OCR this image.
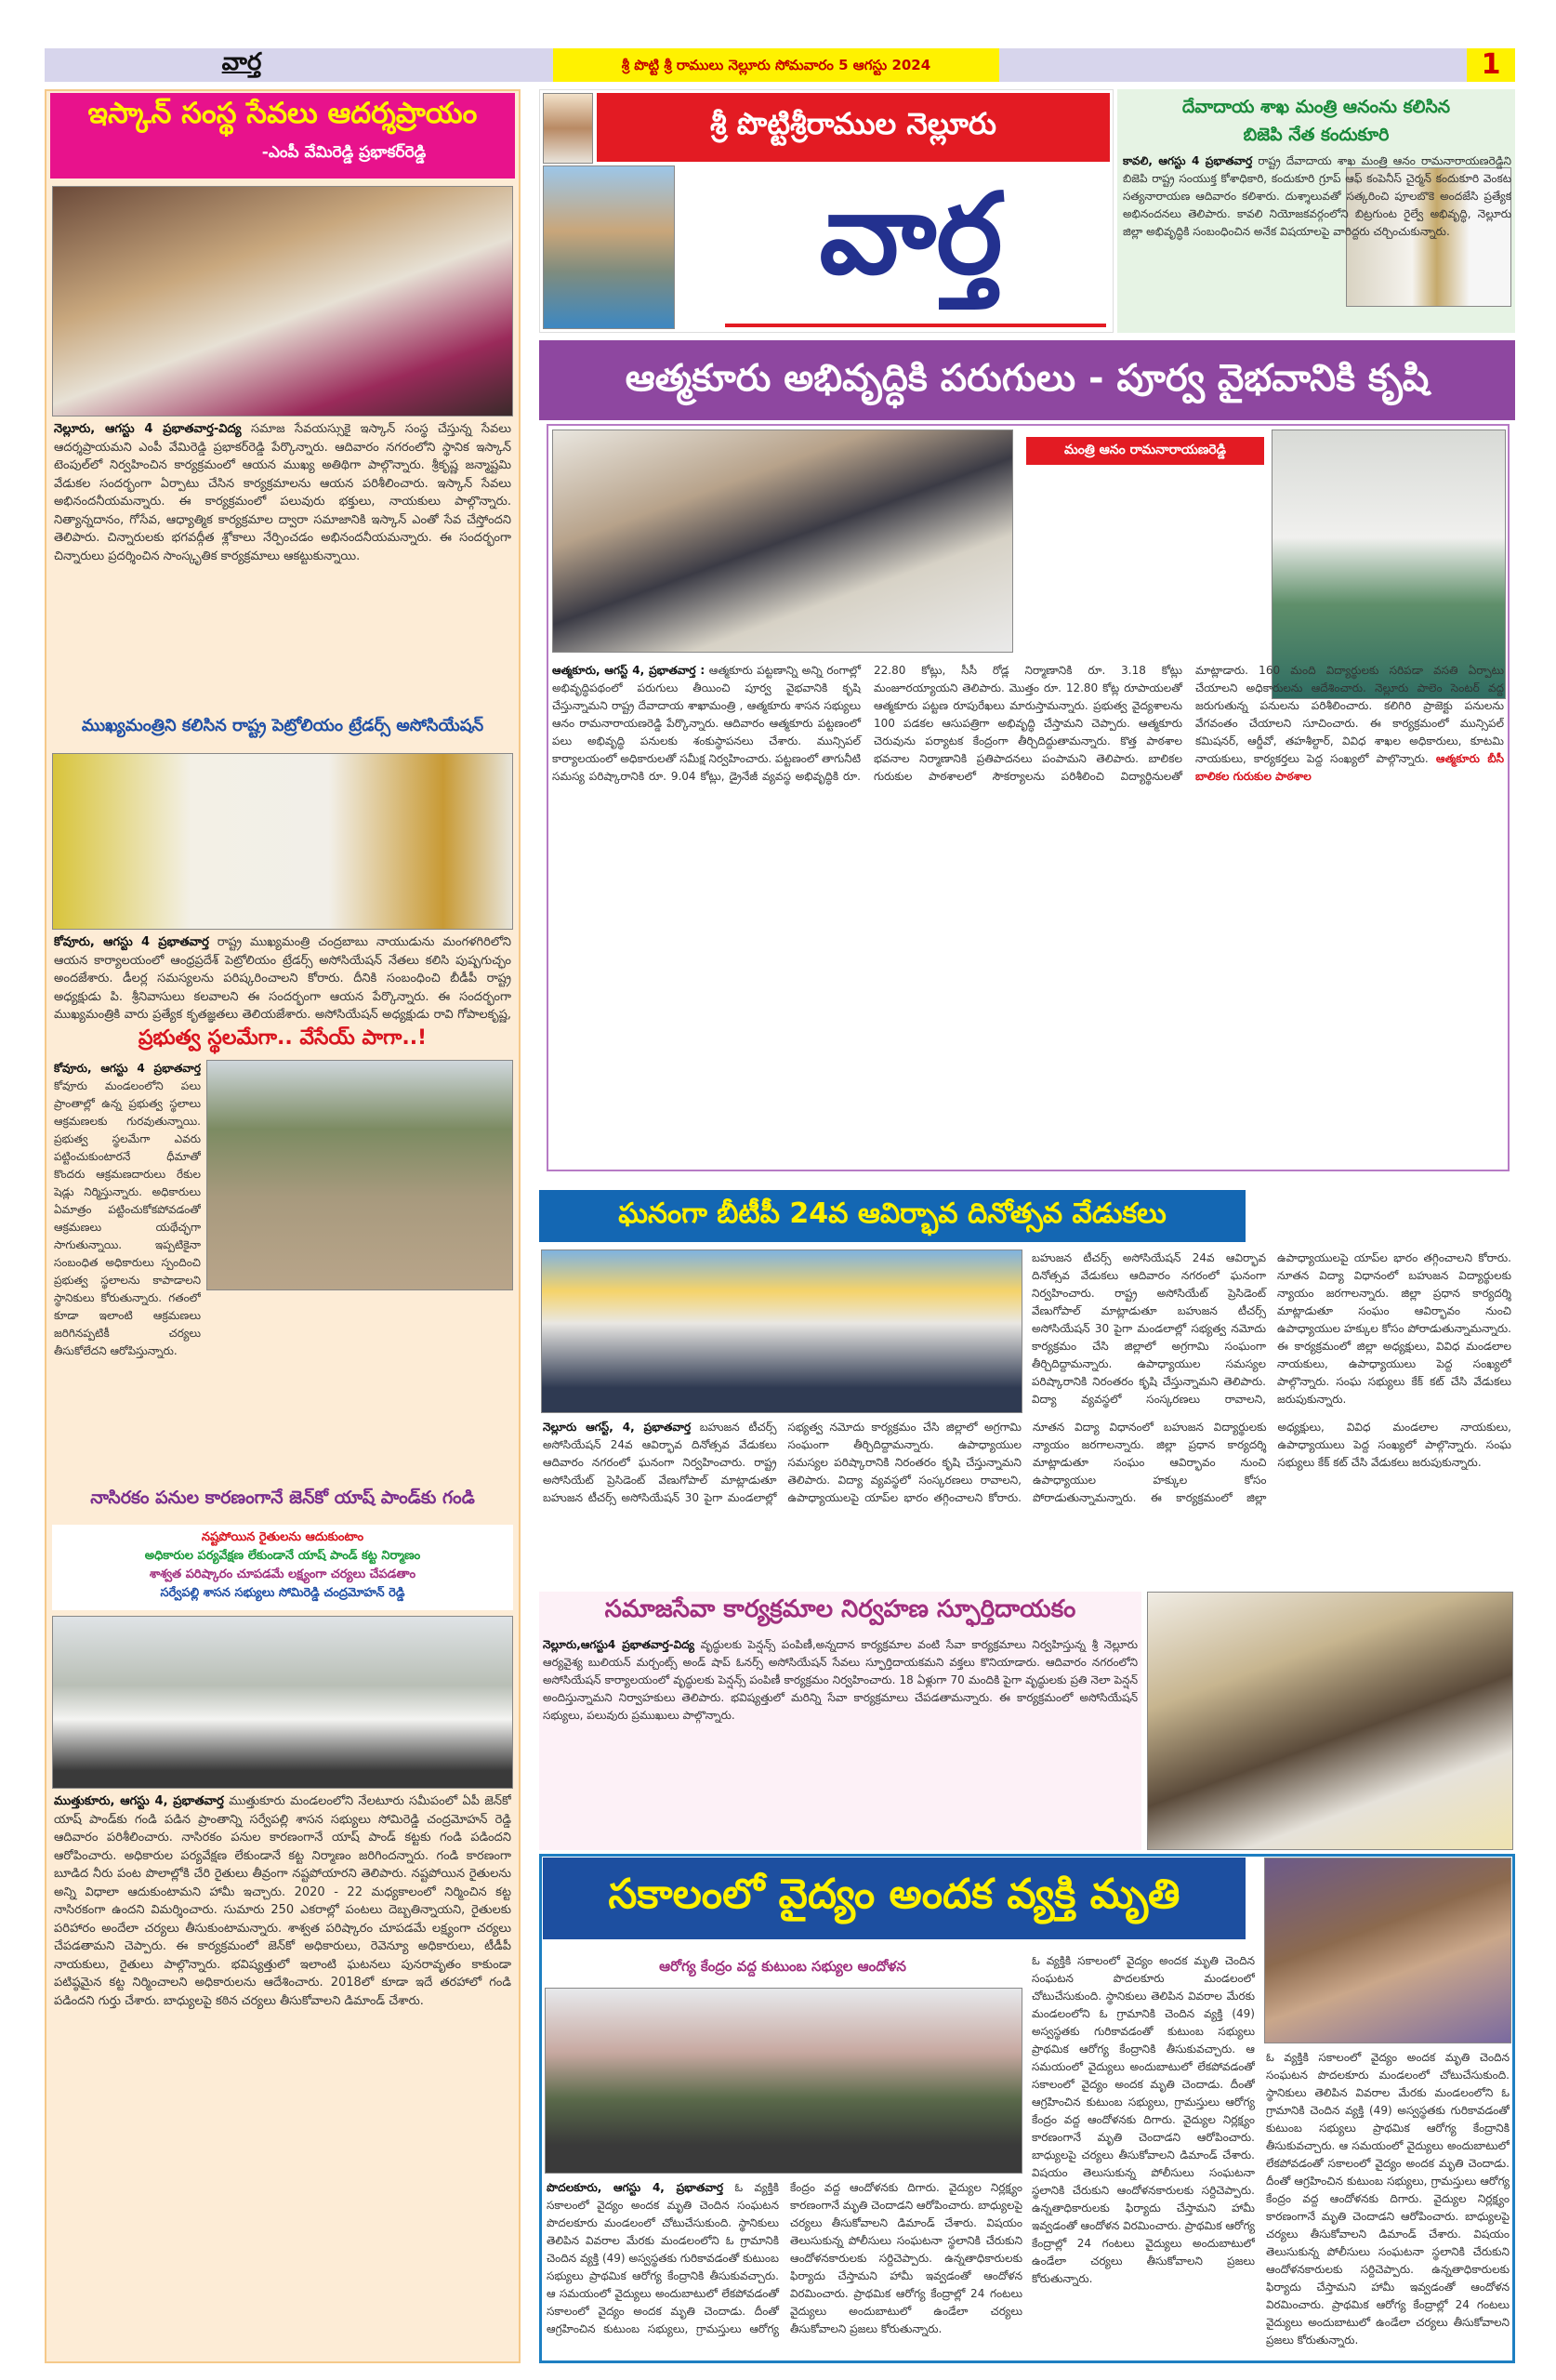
వార్త	శ్రీ పొట్టి శ్రీ రాములు నెల్లూరు సోమవారం 5 ఆగస్టు 2024	1
ఇస్కాన్ సంస్థ సేవలు ఆదర్శప్రాయం
-ఎంపీ వేమిరెడ్డి ప్రభాకర్‌రెడ్డి
నెల్లూరు, ఆగస్టు 4 ప్రభాతవార్త-విద్య సమాజ సేవయస్సుకై ఇస్కాన్ సంస్థ చేస్తున్న సేవలు ఆదర్శప్రాయమని ఎంపీ వేమిరెడ్డి ప్రభాకర్‌రెడ్డి పేర్కొన్నారు. ఆదివారం నగరంలోని స్థానిక ఇస్కాన్ టెంపుల్‌లో నిర్వహించిన కార్యక్రమంలో ఆయన ముఖ్య అతిథిగా పాల్గొన్నారు. శ్రీకృష్ణ జన్మాష్టమి వేడుకల సందర్భంగా ఏర్పాటు చేసిన కార్యక్రమాలను ఆయన పరిశీలించారు. ఇస్కాన్ సేవలు అభినందనీయమన్నారు. ఈ కార్యక్రమంలో పలువురు భక్తులు, నాయకులు పాల్గొన్నారు. నిత్యాన్నదానం, గోసేవ, ఆధ్యాత్మిక కార్యక్రమాల ద్వారా సమాజానికి ఇస్కాన్ ఎంతో సేవ చేస్తోందని తెలిపారు. చిన్నారులకు భగవద్గీత శ్లోకాలు నేర్పించడం అభినందనీయమన్నారు. ఈ సందర్భంగా చిన్నారులు ప్రదర్శించిన సాంస్కృతిక కార్యక్రమాలు ఆకట్టుకున్నాయి.
ముఖ్యమంత్రిని కలిసిన రాష్ట్ర పెట్రోలియం ట్రేడర్స్ అసోసియేషన్
కోవూరు, ఆగస్టు 4 ప్రభాతవార్త రాష్ట్ర ముఖ్యమంత్రి చంద్రబాబు నాయుడును మంగళగిరిలోని ఆయన కార్యాలయంలో ఆంధ్రప్రదేశ్ పెట్రోలియం ట్రేడర్స్ అసోసియేషన్ నేతలు కలిసి పుష్పగుచ్ఛం అందజేశారు. డీలర్ల సమస్యలను పరిష్కరించాలని కోరారు. దీనికి సంబంధించి బీడీపీ రాష్ట్ర అధ్యక్షుడు పి. శ్రీనివాసులు కలవాలని ఈ సందర్భంగా ఆయన పేర్కొన్నారు. ఈ సందర్భంగా ముఖ్యమంత్రికి వారు ప్రత్యేక కృతజ్ఞతలు తెలియజేశారు. అసోసియేషన్ అధ్యక్షుడు రావి గోపాలకృష్ణ,
ప్రభుత్వ స్థలమేగా.. వేసేయ్ పాగా..!
కోవూరు, ఆగస్టు 4 ప్రభాతవార్త కోవూరు మండలంలోని పలు ప్రాంతాల్లో ఉన్న ప్రభుత్వ స్థలాలు ఆక్రమణలకు గురవుతున్నాయి. ప్రభుత్వ స్థలమేగా ఎవరు పట్టించుకుంటారనే ధీమాతో కొందరు ఆక్రమణదారులు రేకుల షెడ్లు నిర్మిస్తున్నారు. అధికారులు ఏమాత్రం పట్టించుకోకపోవడంతో ఆక్రమణలు యథేచ్ఛగా సాగుతున్నాయి. ఇప్పటికైనా సంబంధిత అధికారులు స్పందించి ప్రభుత్వ స్థలాలను కాపాడాలని స్థానికులు కోరుతున్నారు. గతంలో కూడా ఇలాంటి ఆక్రమణలు జరిగినప్పటికీ చర్యలు తీసుకోలేదని ఆరోపిస్తున్నారు.
నాసిరకం పనుల కారణంగానే జెన్‌కో యాష్ పాండ్‌కు గండి
నష్టపోయిన రైతులను ఆదుకుంటాం
అధికారుల పర్యవేక్షణ లేకుండానే యాష్ పాండ్ కట్ట నిర్మాణం
శాశ్వత పరిష్కారం చూపడమే లక్ష్యంగా చర్యలు చేపడతాం
సర్వేపల్లి శాసన సభ్యులు సోమిరెడ్డి చంద్రమోహన్ రెడ్డి
ముత్తుకూరు, ఆగస్టు 4, ప్రభాతవార్త ముత్తుకూరు మండలంలోని నేలటూరు సమీపంలో ఏపీ జెన్‌కో యాష్ పాండ్‌కు గండి పడిన ప్రాంతాన్ని సర్వేపల్లి శాసన సభ్యులు సోమిరెడ్డి చంద్రమోహన్ రెడ్డి ఆదివారం పరిశీలించారు. నాసిరకం పనుల కారణంగానే యాష్ పాండ్ కట్టకు గండి పడిందని ఆరోపించారు. అధికారుల పర్యవేక్షణ లేకుండానే కట్ట నిర్మాణం జరిగిందన్నారు. గండి కారణంగా బూడిద నీరు పంట పొలాల్లోకి చేరి రైతులు తీవ్రంగా నష్టపోయారని తెలిపారు. నష్టపోయిన రైతులను అన్ని విధాలా ఆదుకుంటామని హామీ ఇచ్చారు. 2020 - 22 మధ్యకాలంలో నిర్మించిన కట్ట నాసిరకంగా ఉందని విమర్శించారు. సుమారు 250 ఎకరాల్లో పంటలు దెబ్బతిన్నాయని, రైతులకు పరిహారం అందేలా చర్యలు తీసుకుంటామన్నారు. శాశ్వత పరిష్కారం చూపడమే లక్ష్యంగా చర్యలు చేపడతామని చెప్పారు. ఈ కార్యక్రమంలో జెన్‌కో అధికారులు, రెవెన్యూ అధికారులు, టీడీపీ నాయకులు, రైతులు పాల్గొన్నారు. భవిష్యత్తులో ఇలాంటి ఘటనలు పునరావృతం కాకుండా పటిష్ఠమైన కట్ట నిర్మించాలని అధికారులను ఆదేశించారు. 2018లో కూడా ఇదే తరహాలో గండి పడిందని గుర్తు చేశారు. బాధ్యులపై కఠిన చర్యలు తీసుకోవాలని డిమాండ్ చేశారు.
శ్రీ పొట్టిశ్రీరాముల నెల్లూరు
వార్త
దేవాదాయ శాఖ మంత్రి ఆనంను కలిసిన
బిజెపి నేత కందుకూరి
కావలి, ఆగస్టు 4 ప్రభాతవార్త రాష్ట్ర దేవాదాయ శాఖ మంత్రి ఆనం రామనారాయణరెడ్డిని బిజెపి రాష్ట్ర సంయుక్త కోశాధికారి, కందుకూరి గ్రూప్ ఆఫ్ కంపెనీస్ చైర్మన్ కందుకూరి వెంకట సత్యనారాయణ ఆదివారం కలిశారు. దుశ్శాలువతో సత్కరించి పూలబొకె అందజేసి ప్రత్యేక అభినందనలు తెలిపారు. కావలి నియోజకవర్గంలోని బిట్రగుంట రైల్వే అభివృద్ధి, నెల్లూరు జిల్లా అభివృద్ధికి సంబంధించిన అనేక విషయాలపై వారిద్దరు చర్చించుకున్నారు.
ఆత్మకూరు అభివృద్ధికి పరుగులు - పూర్వ వైభవానికి కృషి
మంత్రి ఆనం రామనారాయణరెడ్డి
ఆత్మకూరు, ఆగస్ట్ 4, ప్రభాతవార్త : ఆత్మకూరు పట్టణాన్ని అన్ని రంగాల్లో అభివృద్ధిపథంలో పరుగులు తీయించి పూర్వ వైభవానికి కృషి చేస్తున్నామని రాష్ట్ర దేవాదాయ శాఖామంత్రి , ఆత్మకూరు శాసన సభ్యులు ఆనం రామనారాయణరెడ్డి పేర్కొన్నారు. ఆదివారం ఆత్మకూరు పట్టణంలో పలు అభివృద్ధి పనులకు శంకుస్థాపనలు చేశారు. మున్సిపల్ కార్యాలయంలో అధికారులతో సమీక్ష నిర్వహించారు. పట్టణంలో తాగునీటి సమస్య పరిష్కారానికి రూ. 9.04 కోట్లు, డ్రైనేజీ వ్యవస్థ అభివృద్ధికి రూ. 22.80 కోట్లు, సీసీ రోడ్ల నిర్మాణానికి రూ. 3.18 కోట్లు మంజూరయ్యాయని తెలిపారు. మొత్తం రూ. 12.80 కోట్ల రూపాయలతో ఆత్మకూరు పట్టణ రూపురేఖలు మారుస్తామన్నారు. ప్రభుత్వ వైద్యశాలను 100 పడకల ఆసుపత్రిగా అభివృద్ధి చేస్తామని చెప్పారు. ఆత్మకూరు చెరువును పర్యాటక కేంద్రంగా తీర్చిదిద్దుతామన్నారు. కొత్త పాఠశాల భవనాల నిర్మాణానికి ప్రతిపాదనలు పంపామని తెలిపారు. బాలికల గురుకుల పాఠశాలలో సౌకర్యాలను పరిశీలించి విద్యార్థినులతో మాట్లాడారు. 160 మంది విద్యార్థులకు సరిపడా వసతి ఏర్పాటు చేయాలని అధికారులను ఆదేశించారు. నెల్లూరు పాలెం సెంటర్ వద్ద జరుగుతున్న పనులను పరిశీలించారు. కలిగిరి ప్రాజెక్టు పనులను వేగవంతం చేయాలని సూచించారు. ఈ కార్యక్రమంలో మున్సిపల్ కమిషనర్, ఆర్డీవో, తహశీల్దార్, వివిధ శాఖల అధికారులు, కూటమి నాయకులు, కార్యకర్తలు పెద్ద సంఖ్యలో పాల్గొన్నారు. ఆత్మకూరు బీసీ బాలికల గురుకుల పాఠశాల
ఘనంగా బీటీపీ 24వ ఆవిర్భావ దినోత్సవ వేడుకలు
నెల్లూరు ఆగస్ట్, 4, ప్రభాతవార్త బహుజన టీచర్స్ అసోసియేషన్ 24వ ఆవిర్భావ దినోత్సవ వేడుకలు ఆదివారం నగరంలో ఘనంగా నిర్వహించారు. రాష్ట్ర అసోసియేట్ ప్రెసిడెంట్ వేణుగోపాల్ మాట్లాడుతూ బహుజన టీచర్స్ అసోసియేషన్ 30 పైగా మండలాల్లో సభ్యత్వ నమోదు కార్యక్రమం చేసి జిల్లాలో అగ్రగామి సంఘంగా తీర్చిదిద్దామన్నారు. ఉపాధ్యాయుల సమస్యల పరిష్కారానికి నిరంతరం కృషి చేస్తున్నామని తెలిపారు. విద్యా వ్యవస్థలో సంస్కరణలు రావాలని, ఉపాధ్యాయులపై యాప్‌ల భారం తగ్గించాలని కోరారు. నూతన విద్యా విధానంలో బహుజన విద్యార్థులకు న్యాయం జరగాలన్నారు. జిల్లా ప్రధాన కార్యదర్శి మాట్లాడుతూ సంఘం ఆవిర్భావం నుంచి ఉపాధ్యాయుల హక్కుల కోసం పోరాడుతున్నామన్నారు. ఈ కార్యక్రమంలో జిల్లా అధ్యక్షులు, వివిధ మండలాల నాయకులు, ఉపాధ్యాయులు పెద్ద సంఖ్యలో పాల్గొన్నారు. సంఘ సభ్యులు కేక్ కట్ చేసి వేడుకలు జరుపుకున్నారు.
బహుజన టీచర్స్ అసోసియేషన్ 24వ ఆవిర్భావ దినోత్సవ వేడుకలు ఆదివారం నగరంలో ఘనంగా నిర్వహించారు. రాష్ట్ర అసోసియేట్ ప్రెసిడెంట్ వేణుగోపాల్ మాట్లాడుతూ బహుజన టీచర్స్ అసోసియేషన్ 30 పైగా మండలాల్లో సభ్యత్వ నమోదు కార్యక్రమం చేసి జిల్లాలో అగ్రగామి సంఘంగా తీర్చిదిద్దామన్నారు. ఉపాధ్యాయుల సమస్యల పరిష్కారానికి నిరంతరం కృషి చేస్తున్నామని తెలిపారు. విద్యా వ్యవస్థలో సంస్కరణలు రావాలని, ఉపాధ్యాయులపై యాప్‌ల భారం తగ్గించాలని కోరారు. నూతన విద్యా విధానంలో బహుజన విద్యార్థులకు న్యాయం జరగాలన్నారు. జిల్లా ప్రధాన కార్యదర్శి మాట్లాడుతూ సంఘం ఆవిర్భావం నుంచి ఉపాధ్యాయుల హక్కుల కోసం పోరాడుతున్నామన్నారు. ఈ కార్యక్రమంలో జిల్లా అధ్యక్షులు, వివిధ మండలాల నాయకులు, ఉపాధ్యాయులు పెద్ద సంఖ్యలో పాల్గొన్నారు. సంఘ సభ్యులు కేక్ కట్ చేసి వేడుకలు జరుపుకున్నారు.
సమాజసేవా కార్యక్రమాల నిర్వహణ స్ఫూర్తిదాయకం
నెల్లూరు,ఆగస్టు4 ప్రభాతవార్త-విద్య వృద్ధులకు పెన్షన్స్ పంపిణీ,అన్నదాన కార్యక్రమాల వంటి సేవా కార్యక్రమాలు నిర్వహిస్తున్న శ్రీ నెల్లూరు ఆర్యవైశ్య బులియన్ మర్చంట్స్ అండ్ షాప్ ఓనర్స్ అసోసియేషన్ సేవలు స్ఫూర్తిదాయకమని వక్తలు కొనియాడారు. ఆదివారం నగరంలోని అసోసియేషన్ కార్యాలయంలో వృద్ధులకు పెన్షన్స్ పంపిణీ కార్యక్రమం నిర్వహించారు. 18 ఏళ్లుగా 70 మందికి పైగా వృద్ధులకు ప్రతి నెలా పెన్షన్ అందిస్తున్నామని నిర్వాహకులు తెలిపారు. భవిష్యత్తులో మరిన్ని సేవా కార్యక్రమాలు చేపడతామన్నారు. ఈ కార్యక్రమంలో అసోసియేషన్ సభ్యులు, పలువురు ప్రముఖులు పాల్గొన్నారు.
సకాలంలో వైద్యం అందక వ్యక్తి మృతి
ఆరోగ్య కేంద్రం వద్ద కుటుంబ సభ్యుల ఆందోళన
పొదలకూరు, ఆగస్టు 4, ప్రభాతవార్త ఓ వ్యక్తికి సకాలంలో వైద్యం అందక మృతి చెందిన సంఘటన పొదలకూరు మండలంలో చోటుచేసుకుంది. స్థానికులు తెలిపిన వివరాల మేరకు మండలంలోని ఓ గ్రామానికి చెందిన వ్యక్తి (49) అస్వస్థతకు గురికావడంతో కుటుంబ సభ్యులు ప్రాథమిక ఆరోగ్య కేంద్రానికి తీసుకువచ్చారు. ఆ సమయంలో వైద్యులు అందుబాటులో లేకపోవడంతో సకాలంలో వైద్యం అందక మృతి చెందాడు. దీంతో ఆగ్రహించిన కుటుంబ సభ్యులు, గ్రామస్తులు ఆరోగ్య కేంద్రం వద్ద ఆందోళనకు దిగారు. వైద్యుల నిర్లక్ష్యం కారణంగానే మృతి చెందాడని ఆరోపించారు. బాధ్యులపై చర్యలు తీసుకోవాలని డిమాండ్ చేశారు. విషయం తెలుసుకున్న పోలీసులు సంఘటనా స్థలానికి చేరుకుని ఆందోళనకారులకు సర్దిచెప్పారు. ఉన్నతాధికారులకు ఫిర్యాదు చేస్తామని హామీ ఇవ్వడంతో ఆందోళన విరమించారు. ప్రాథమిక ఆరోగ్య కేంద్రాల్లో 24 గంటలు వైద్యులు అందుబాటులో ఉండేలా చర్యలు తీసుకోవాలని ప్రజలు కోరుతున్నారు.
ఓ వ్యక్తికి సకాలంలో వైద్యం అందక మృతి చెందిన సంఘటన పొదలకూరు మండలంలో చోటుచేసుకుంది. స్థానికులు తెలిపిన వివరాల మేరకు మండలంలోని ఓ గ్రామానికి చెందిన వ్యక్తి (49) అస్వస్థతకు గురికావడంతో కుటుంబ సభ్యులు ప్రాథమిక ఆరోగ్య కేంద్రానికి తీసుకువచ్చారు. ఆ సమయంలో వైద్యులు అందుబాటులో లేకపోవడంతో సకాలంలో వైద్యం అందక మృతి చెందాడు. దీంతో ఆగ్రహించిన కుటుంబ సభ్యులు, గ్రామస్తులు ఆరోగ్య కేంద్రం వద్ద ఆందోళనకు దిగారు. వైద్యుల నిర్లక్ష్యం కారణంగానే మృతి చెందాడని ఆరోపించారు. బాధ్యులపై చర్యలు తీసుకోవాలని డిమాండ్ చేశారు. విషయం తెలుసుకున్న పోలీసులు సంఘటనా స్థలానికి చేరుకుని ఆందోళనకారులకు సర్దిచెప్పారు. ఉన్నతాధికారులకు ఫిర్యాదు చేస్తామని హామీ ఇవ్వడంతో ఆందోళన విరమించారు. ప్రాథమిక ఆరోగ్య కేంద్రాల్లో 24 గంటలు వైద్యులు అందుబాటులో ఉండేలా చర్యలు తీసుకోవాలని ప్రజలు కోరుతున్నారు.
ఓ వ్యక్తికి సకాలంలో వైద్యం అందక మృతి చెందిన సంఘటన పొదలకూరు మండలంలో చోటుచేసుకుంది. స్థానికులు తెలిపిన వివరాల మేరకు మండలంలోని ఓ గ్రామానికి చెందిన వ్యక్తి (49) అస్వస్థతకు గురికావడంతో కుటుంబ సభ్యులు ప్రాథమిక ఆరోగ్య కేంద్రానికి తీసుకువచ్చారు. ఆ సమయంలో వైద్యులు అందుబాటులో లేకపోవడంతో సకాలంలో వైద్యం అందక మృతి చెందాడు. దీంతో ఆగ్రహించిన కుటుంబ సభ్యులు, గ్రామస్తులు ఆరోగ్య కేంద్రం వద్ద ఆందోళనకు దిగారు. వైద్యుల నిర్లక్ష్యం కారణంగానే మృతి చెందాడని ఆరోపించారు. బాధ్యులపై చర్యలు తీసుకోవాలని డిమాండ్ చేశారు. విషయం తెలుసుకున్న పోలీసులు సంఘటనా స్థలానికి చేరుకుని ఆందోళనకారులకు సర్దిచెప్పారు. ఉన్నతాధికారులకు ఫిర్యాదు చేస్తామని హామీ ఇవ్వడంతో ఆందోళన విరమించారు. ప్రాథమిక ఆరోగ్య కేంద్రాల్లో 24 గంటలు వైద్యులు అందుబాటులో ఉండేలా చర్యలు తీసుకోవాలని ప్రజలు కోరుతున్నారు.
